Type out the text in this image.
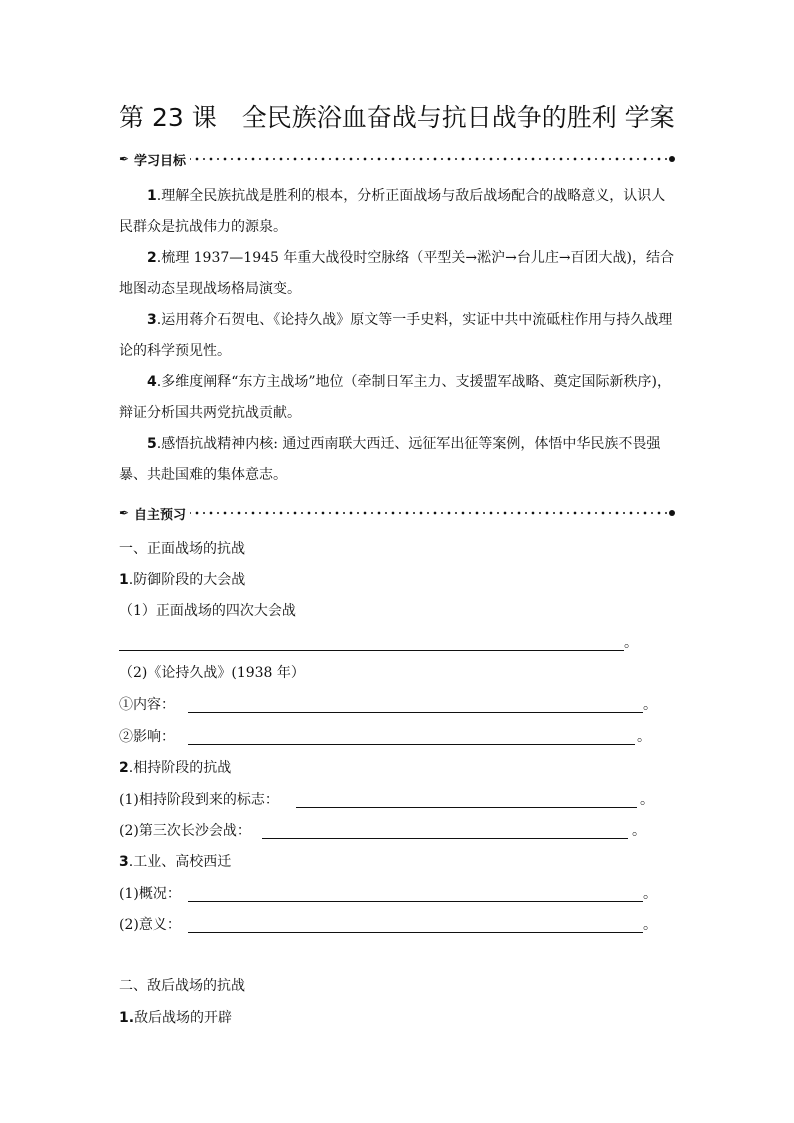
第 23 课　全民族浴血奋战与抗日战争的胜利 学案
✒ 学习目标
1.理解全民族抗战是胜利的根本，分析正面战场与敌后战场配合的战略意义，认识人民群众是抗战伟力的源泉。
2.梳理 1937—1945 年重大战役时空脉络（平型关→淞沪→台儿庄→百团大战)，结合地图动态呈现战场格局演变。
3.运用蒋介石贺电、《论持久战》原文等一手史料，实证中共中流砥柱作用与持久战理论的科学预见性。
4.多维度阐释“东方主战场”地位（牵制日军主力、支援盟军战略、奠定国际新秩序)，辩证分析国共两党抗战贡献。
5.感悟抗战精神内核: 通过西南联大西迁、远征军出征等案例，体悟中华民族不畏强暴、共赴国难的集体意志。
✒ 自主预习
一、正面战场的抗战
1.防御阶段的大会战
（1）正面战场的四次大会战
。
（2)《论持久战》(1938 年）
①内容：	。
②影响：	。
2.相持阶段的抗战
(1)相持阶段到来的标志：	。
(2)第三次长沙会战：	。
3.工业、高校西迁
(1)概况：	。
(2)意义：	。
二、敌后战场的抗战
1.敌后战场的开辟
